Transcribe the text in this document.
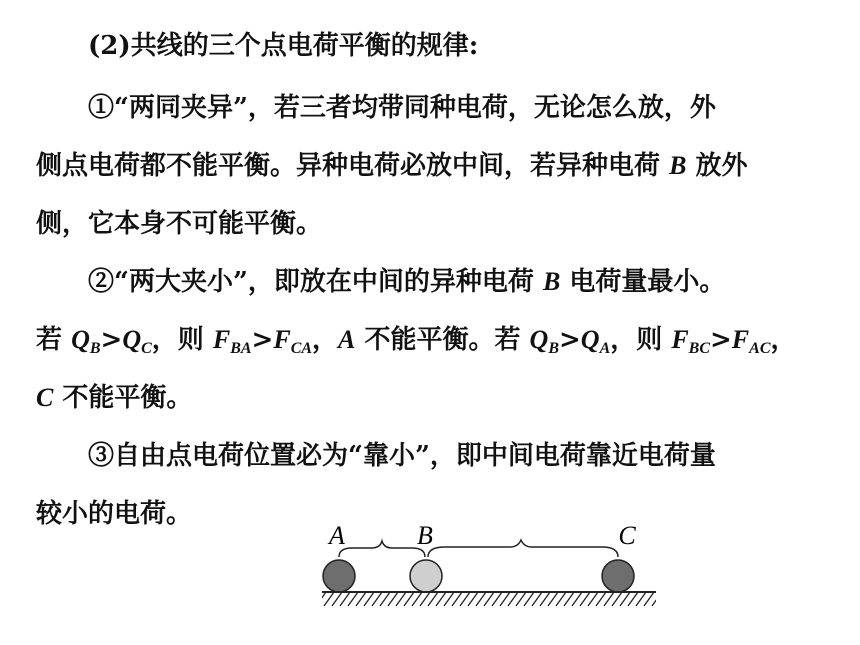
(2)共线的三个点电荷平衡的规律:
①“两同夹异”，若三者均带同种电荷，无论怎么放，外
侧点电荷都不能平衡。异种电荷必放中间，若异种电荷 B 放外
侧，它本身不可能平衡。
②“两大夹小”，即放在中间的异种电荷 B 电荷量最小。
若 $Q_B>Q_C$，则 $F_{BA}>F_{CA}$，A 不能平衡。若 $Q_B>Q_A$，则 $F_{BC}>F_{AC}$，
C 不能平衡。
③自由点电荷位置必为“靠小”，即中间电荷靠近电荷量
较小的电荷。
A	B	C
